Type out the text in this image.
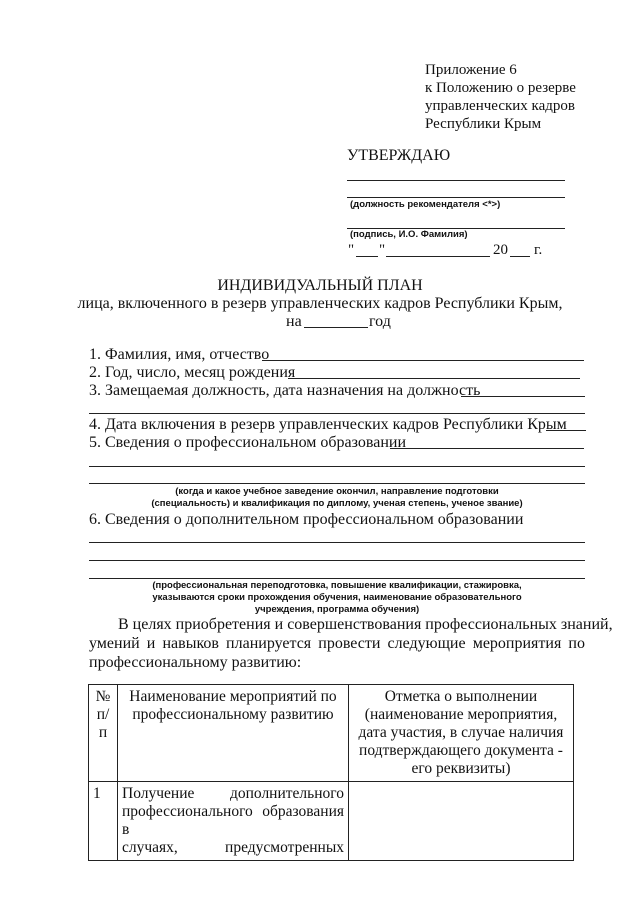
Приложение 6
к Положению о резерве
управленческих кадров
Республики Крым
УТВЕРЖДАЮ
(должность рекомендателя <*>)
(подпись, И.О. Фамилия)
" "	20 г.
ИНДИВИДУАЛЬНЫЙ ПЛАН
лица, включенного в резерв управленческих кадров Республики Крым,
на	год
1. Фамилия, имя, отчество
2. Год, число, месяц рождения
3. Замещаемая должность, дата назначения на должность
4. Дата включения в резерв управленческих кадров Республики Крым
5. Сведения о профессиональном образовании
(когда и какое учебное заведение окончил, направление подготовки
(специальность) и квалификация по диплому, ученая степень, ученое звание)
6. Сведения о дополнительном профессиональном образовании
(профессиональная переподготовка, повышение квалификации, стажировка,
указываются сроки прохождения обучения, наименование образовательного
учреждения, программа обучения)
В целях приобретения и совершенствования профессиональных знаний,
умений и навыков планируется провести следующие мероприятия по
профессиональному развитию:
№ п/п	Наименование мероприятий по профессиональному развитию	Отметка о выполнении (наименование мероприятия, дата участия, в случае наличия подтверждающего документа - его реквизиты)
1	Получение дополнительного
профессионального образования в
случаях, предусмотренных	
